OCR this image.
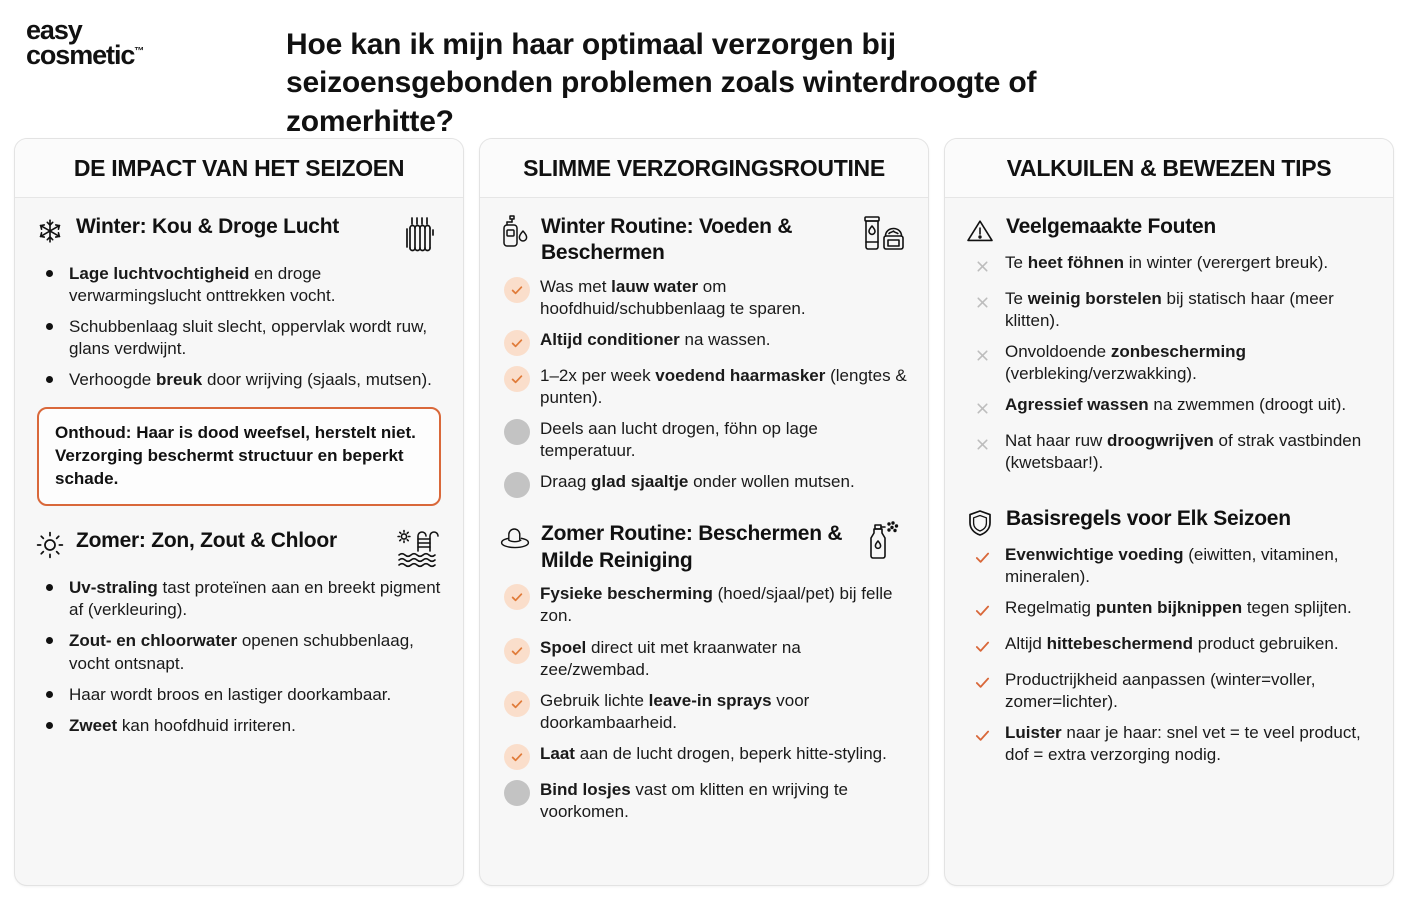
easy
cosmetic™	Hoe kan ik mijn haar optimaal verzorgen bij seizoensgebonden problemen zoals winterdroogte of zomerhitte?
DE IMPACT VAN HET SEIZOEN
Winter: Kou & Droge Lucht
Lage luchtvochtigheid en droge verwarmingslucht onttrekken vocht.
Schubbenlaag sluit slecht, oppervlak wordt ruw, glans verdwijnt.
Verhoogde breuk door wrijving (sjaals, mutsen).
Onthoud: Haar is dood weefsel, herstelt niet. Verzorging beschermt structuur en beperkt schade.
Zomer: Zon, Zout & Chloor
Uv-straling tast proteïnen aan en breekt pigment af (verkleuring).
Zout- en chloorwater openen schubbenlaag, vocht ontsnapt.
Haar wordt broos en lastiger doorkambaar.
Zweet kan hoofdhuid irriteren.
SLIMME VERZORGINGSROUTINE
Winter Routine: Voeden & Beschermen
Was met lauw water om hoofdhuid/schubbenlaag te sparen.
Altijd conditioner na wassen.
1–2x per week voedend haarmasker (lengtes & punten).
Deels aan lucht drogen, föhn op lage temperatuur.
Draag glad sjaaltje onder wollen mutsen.
Zomer Routine: Beschermen & Milde Reiniging
Fysieke bescherming (hoed/sjaal/pet) bij felle zon.
Spoel direct uit met kraanwater na zee/zwembad.
Gebruik lichte leave-in sprays voor doorkambaarheid.
Laat aan de lucht drogen, beperk hitte-styling.
Bind losjes vast om klitten en wrijving te voorkomen.
VALKUILEN & BEWEZEN TIPS
Veelgemaakte Fouten
Te heet föhnen in winter (verergert breuk).
Te weinig borstelen bij statisch haar (meer klitten).
Onvoldoende zonbescherming (verbleking/verzwakking).
Agressief wassen na zwemmen (droogt uit).
Nat haar ruw droogwrijven of strak vastbinden (kwetsbaar!).
Basisregels voor Elk Seizoen
Evenwichtige voeding (eiwitten, vitaminen, mineralen).
Regelmatig punten bijknippen tegen splijten.
Altijd hittebeschermend product gebruiken.
Productrijkheid aanpassen (winter=voller, zomer=lichter).
Luister naar je haar: snel vet = te veel product, dof = extra verzorging nodig.
